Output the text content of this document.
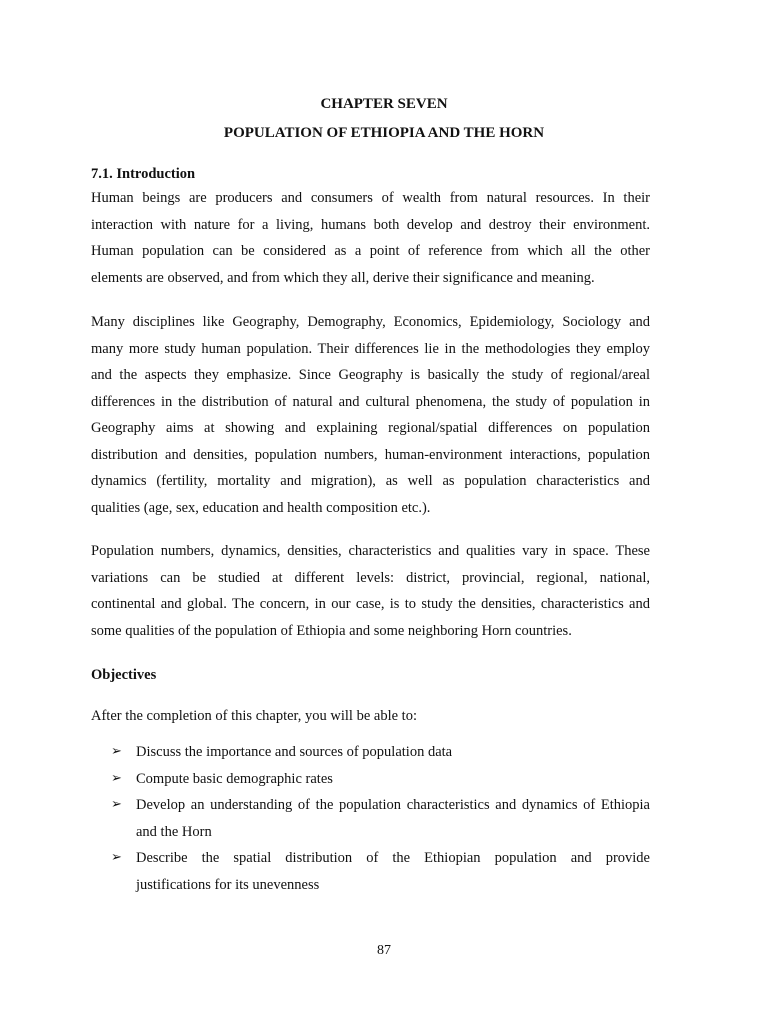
CHAPTER SEVEN
POPULATION OF ETHIOPIA AND THE HORN
7.1. Introduction
Human beings are producers and consumers of wealth from natural resources. In their
interaction with nature for a living, humans both develop and destroy their environment.
Human population can be considered as a point of reference from which all the other
elements are observed, and from which they all, derive their significance and meaning.
Many disciplines like Geography, Demography, Economics, Epidemiology, Sociology and
many more study human population. Their differences lie in the methodologies they employ
and the aspects they emphasize. Since Geography is basically the study of regional/areal
differences in the distribution of natural and cultural phenomena, the study of population in
Geography aims at showing and explaining regional/spatial differences on population
distribution and densities, population numbers, human-environment interactions, population
dynamics (fertility, mortality and migration), as well as population characteristics and
qualities (age, sex, education and health composition etc.).
Population numbers, dynamics, densities, characteristics and qualities vary in space. These
variations can be studied at different levels: district, provincial, regional, national,
continental and global. The concern, in our case, is to study the densities, characteristics and
some qualities of the population of Ethiopia and some neighboring Horn countries.
Objectives
After the completion of this chapter, you will be able to:
➢ Discuss the importance and sources of population data
➢ Compute basic demographic rates
➢ Develop an understanding of the population characteristics and dynamics of Ethiopia
and the Horn
➢ Describe the spatial distribution of the Ethiopian population and provide
justifications for its unevenness
87
